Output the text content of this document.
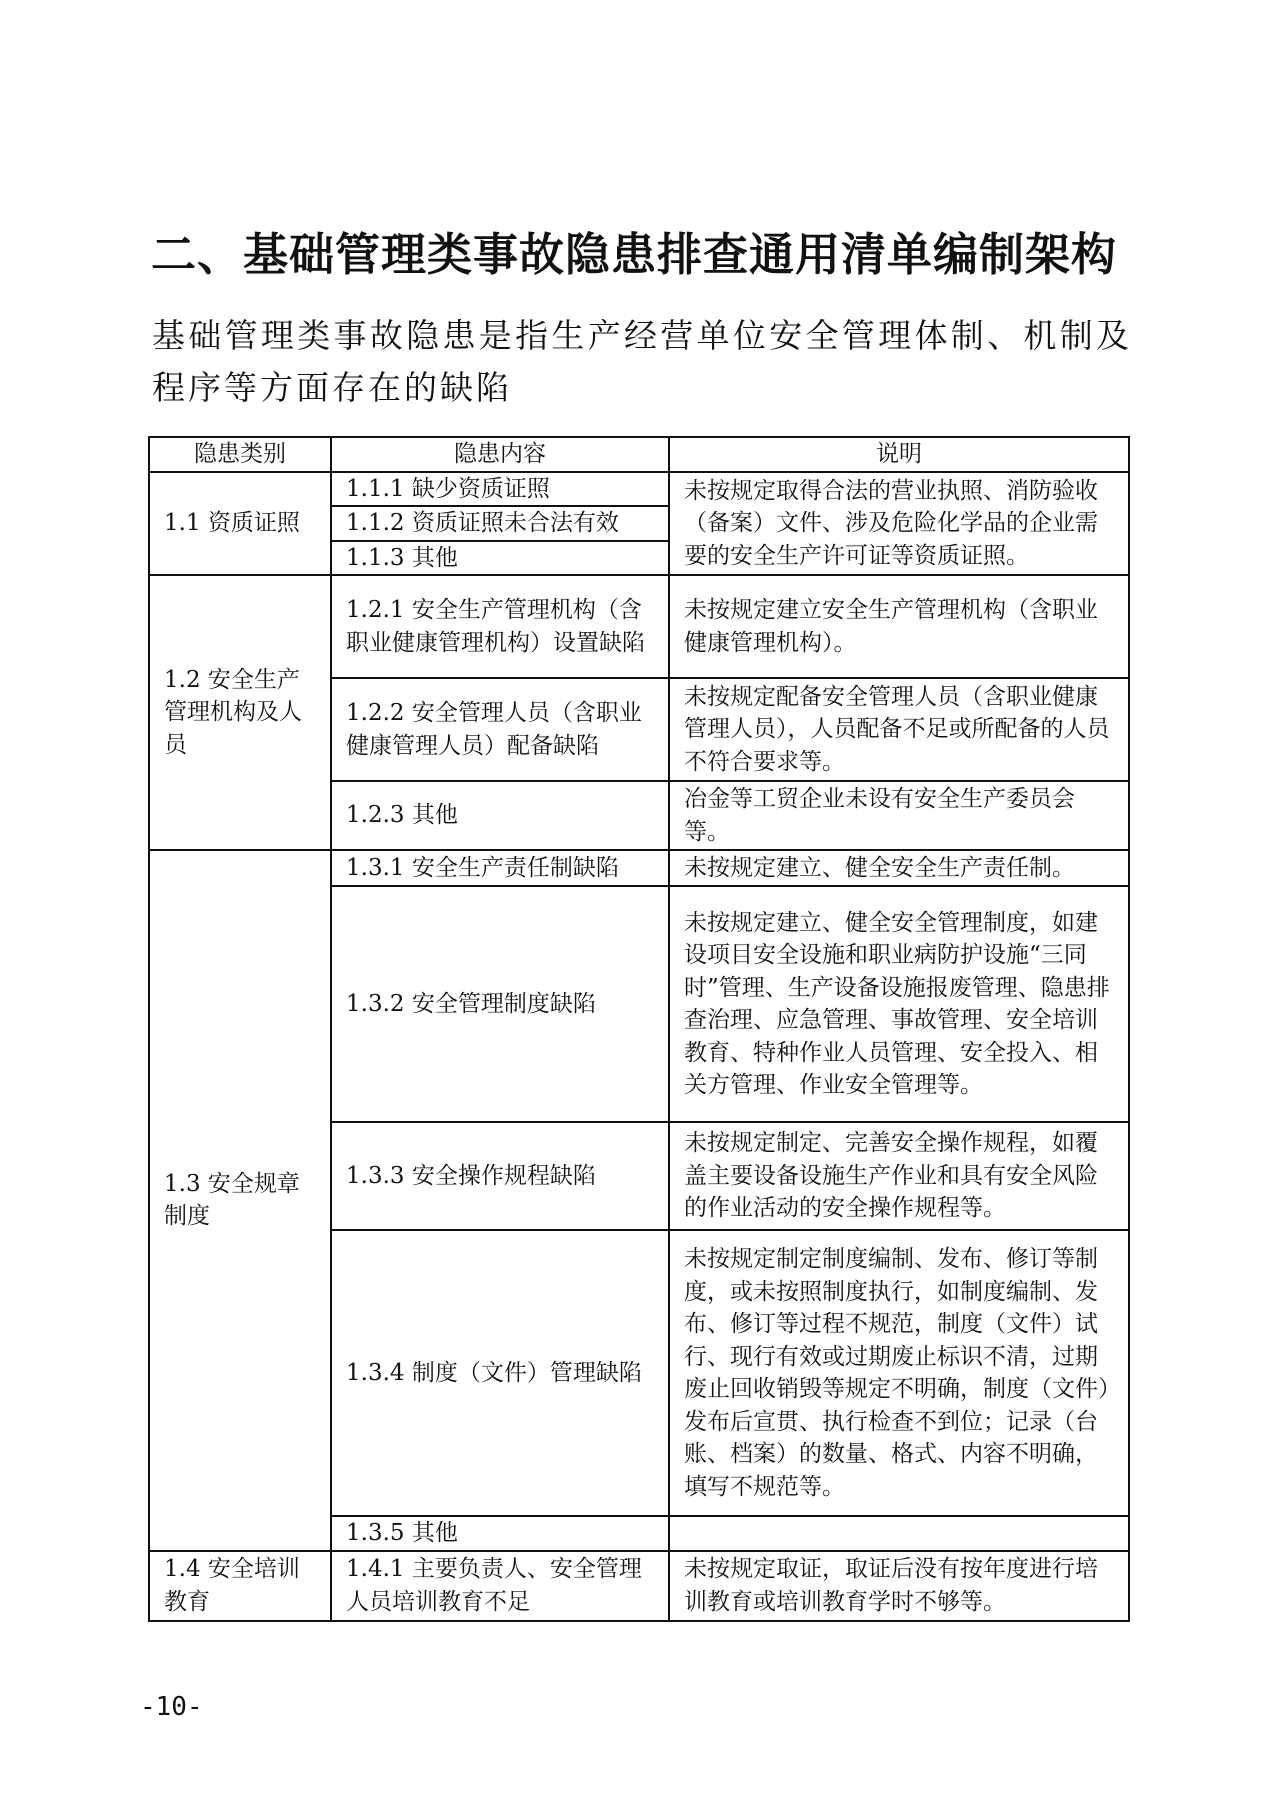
二、基础管理类事故隐患排查通用清单编制架构
基础管理类事故隐患是指生产经营单位安全管理体制、机制及程序等方面存在的缺陷
隐患类别	隐患内容	说明
1.1 资质证照	1.1.1 缺少资质证照	未按规定取得合法的营业执照、消防验收（备案）文件、涉及危险化学品的企业需要的安全生产许可证等资质证照。
	1.1.2 资质证照未合法有效	
	1.1.3 其他	
1.2 安全生产管理机构及人员	1.2.1 安全生产管理机构（含职业健康管理机构）设置缺陷	未按规定建立安全生产管理机构（含职业健康管理机构）。
	1.2.2 安全管理人员（含职业健康管理人员）配备缺陷	未按规定配备安全管理人员（含职业健康管理人员），人员配备不足或所配备的人员不符合要求等。
	1.2.3 其他	冶金等工贸企业未设有安全生产委员会等。
1.3 安全规章制度	1.3.1 安全生产责任制缺陷	未按规定建立、健全安全生产责任制。
	1.3.2 安全管理制度缺陷	未按规定建立、健全安全管理制度，如建设项目安全设施和职业病防护设施“三同时”管理、生产设备设施报废管理、隐患排查治理、应急管理、事故管理、安全培训教育、特种作业人员管理、安全投入、相关方管理、作业安全管理等。
	1.3.3 安全操作规程缺陷	未按规定制定、完善安全操作规程，如覆盖主要设备设施生产作业和具有安全风险的作业活动的安全操作规程等。
	1.3.4 制度（文件）管理缺陷	未按规定制定制度编制、发布、修订等制度，或未按照制度执行，如制度编制、发布、修订等过程不规范，制度（文件）试行、现行有效或过期废止标识不清，过期废止回收销毁等规定不明确，制度（文件）发布后宣贯、执行检查不到位；记录（台账、档案）的数量、格式、内容不明确，填写不规范等。
	1.3.5 其他	
1.4 安全培训教育	1.4.1 主要负责人、安全管理人员培训教育不足	未按规定取证，取证后没有按年度进行培训教育或培训教育学时不够等。
-10-
